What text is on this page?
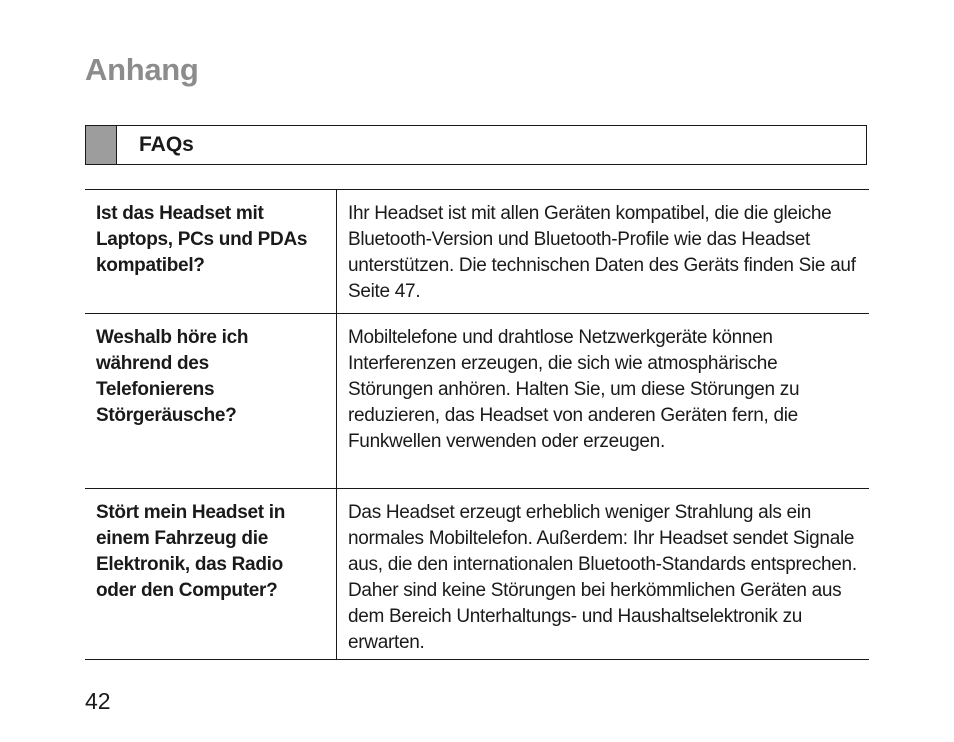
Anhang
FAQs
Ist das Headset mit Laptops, PCs und PDAs kompatibel?
Ihr Headset ist mit allen Geräten kompatibel, die die gleiche Bluetooth-Version und Bluetooth-Profile wie das Headset unterstützen. Die technischen Daten des Geräts finden Sie auf Seite 47.
Weshalb höre ich während des Telefonierens Störgeräusche?
Mobiltelefone und drahtlose Netzwerkgeräte können Interferenzen erzeugen, die sich wie atmosphärische Störungen anhören. Halten Sie, um diese Störungen zu reduzieren, das Headset von anderen Geräten fern, die Funkwellen verwenden oder erzeugen.
Stört mein Headset in einem Fahrzeug die Elektronik, das Radio oder den Computer?
Das Headset erzeugt erheblich weniger Strahlung als ein normales Mobiltelefon. Außerdem: Ihr Headset sendet Signale aus, die den internationalen Bluetooth-Standards entsprechen. Daher sind keine Störungen bei herkömmlichen Geräten aus dem Bereich Unterhaltungs- und Haushaltselektronik zu erwarten.
42
